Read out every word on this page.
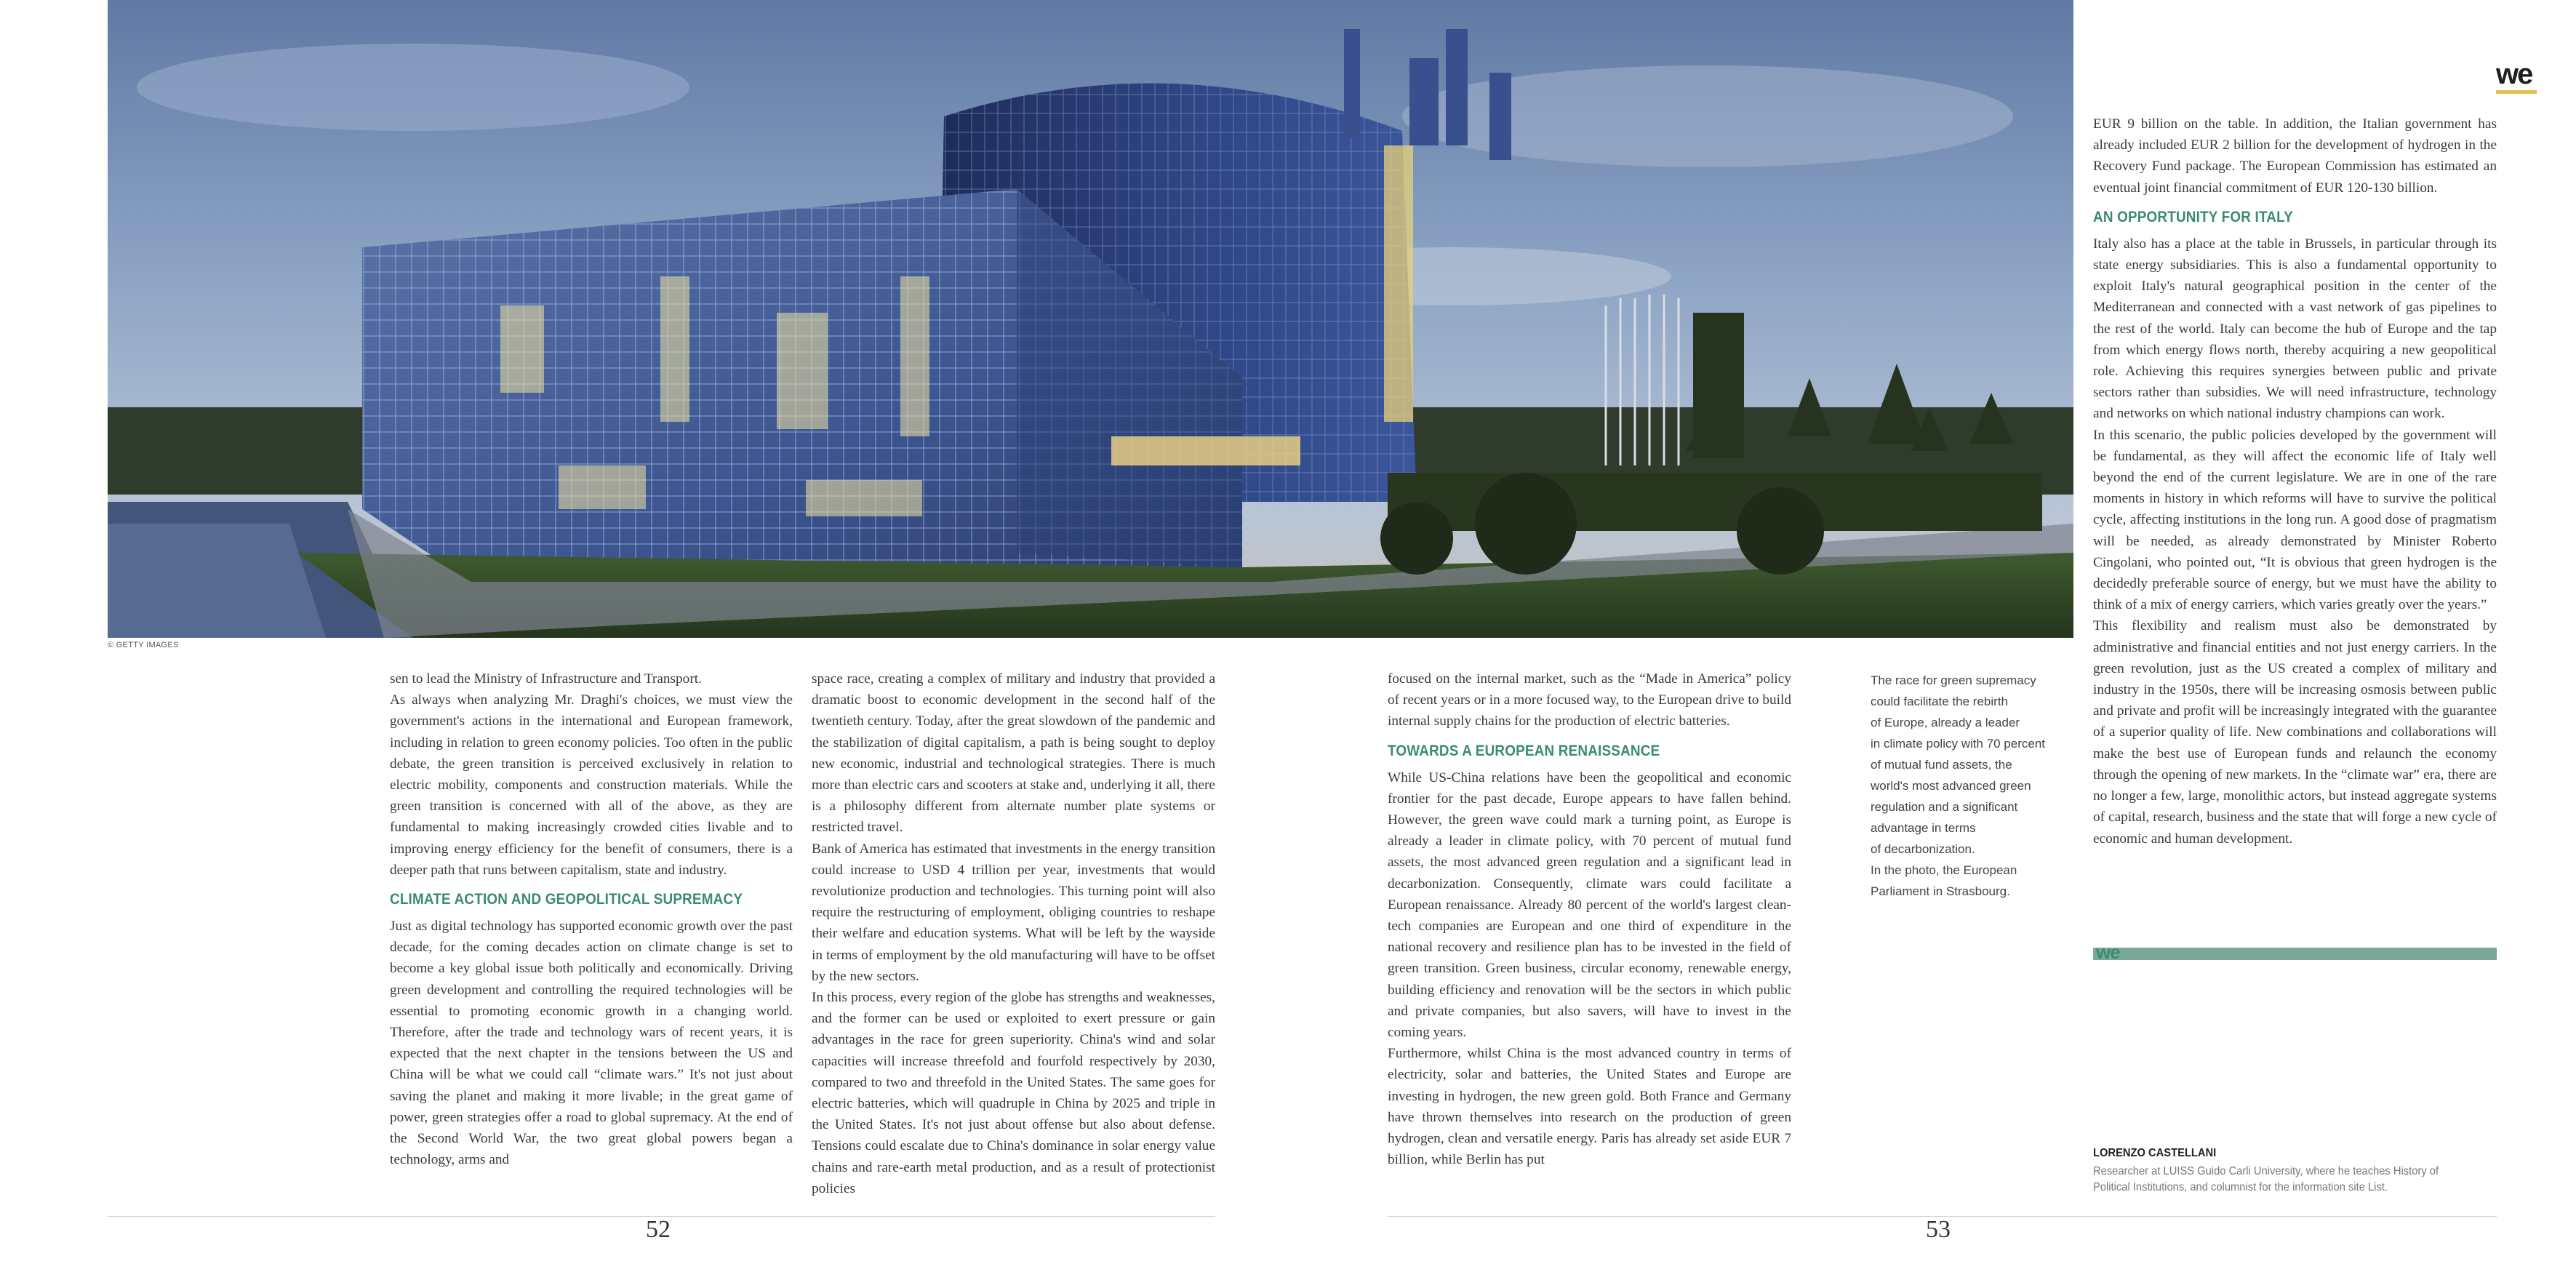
© GETTY IMAGES
we

sen to lead the Ministry of Infrastructure and Transport.

As always when analyzing Mr. Draghi's choices, we must view the government's actions in the international and European framework, including in relation to green economy policies. Too often in the public debate, the green transition is perceived exclusively in relation to electric mobility, components and construction materials. While the green transition is concerned with all of the above, as they are fundamental to making increasingly crowded cities livable and to improving energy efficiency for the benefit of consumers, there is a deeper path that runs between capitalism, state and industry.

CLIMATE ACTION AND GEOPOLITICAL SUPREMACY

Just as digital technology has supported economic growth over the past decade, for the coming decades action on climate change is set to become a key global issue both politically and economically. Driving green development and controlling the required technologies will be essential to promoting economic growth in a changing world. Therefore, after the trade and technology wars of recent years, it is expected that the next chapter in the tensions between the US and China will be what we could call “climate wars.” It's not just about saving the planet and making it more livable; in the great game of power, green strategies offer a road to global supremacy. At the end of the Second World War, the two great global powers began a technology, arms and

space race, creating a complex of military and industry that provided a dramatic boost to economic development in the second half of the twentieth century. Today, after the great slowdown of the pandemic and the stabilization of digital capitalism, a path is being sought to deploy new economic, industrial and technological strategies. There is much more than electric cars and scooters at stake and, underlying it all, there is a philosophy different from alternate number plate systems or restricted travel.

Bank of America has estimated that investments in the energy transition could increase to USD 4 trillion per year, investments that would revolutionize production and technologies. This turning point will also require the restructuring of employment, obliging countries to reshape their welfare and education systems. What will be left by the wayside in terms of employment by the old manufacturing will have to be offset by the new sectors.

In this process, every region of the globe has strengths and weaknesses, and the former can be used or exploited to exert pressure or gain advantages in the race for green superiority. China's wind and solar capacities will increase threefold and fourfold respectively by 2030, compared to two and threefold in the United States. The same goes for electric batteries, which will quadruple in China by 2025 and triple in the United States. It's not just about offense but also about defense. Tensions could escalate due to China's dominance in solar energy value chains and rare-earth metal production, and as a result of protectionist policies

focused on the internal market, such as the “Made in America” policy of recent years or in a more focused way, to the European drive to build internal supply chains for the production of electric batteries.

TOWARDS A EUROPEAN RENAISSANCE

While US-China relations have been the geopolitical and economic frontier for the past decade, Europe appears to have fallen behind. However, the green wave could mark a turning point, as Europe is already a leader in climate policy, with 70 percent of mutual fund assets, the most advanced green regulation and a significant lead in decarbonization. Consequently, climate wars could facilitate a European renaissance. Already 80 percent of the world's largest clean-tech companies are European and one third of expenditure in the national recovery and resilience plan has to be invested in the field of green transition. Green business, circular economy, renewable energy, building efficiency and renovation will be the sectors in which public and private companies, but also savers, will have to invest in the coming years.

Furthermore, whilst China is the most advanced country in terms of electricity, solar and batteries, the United States and Europe are investing in hydrogen, the new green gold. Both France and Germany have thrown themselves into research on the production of green hydrogen, clean and versatile energy. Paris has already set aside EUR 7 billion, while Berlin has put

The race for green supremacy

could facilitate the rebirth

of Europe, already a leader

in climate policy with 70 percent

of mutual fund assets, the

world's most advanced green

regulation and a significant

advantage in terms

of decarbonization.

In the photo, the European

Parliament in Strasbourg.

EUR 9 billion on the table. In addition, the Italian government has already included EUR 2 billion for the development of hydrogen in the Recovery Fund package. The European Commission has estimated an eventual joint financial commitment of EUR 120-130 billion.

AN OPPORTUNITY FOR ITALY

Italy also has a place at the table in Brussels, in particular through its state energy subsidiaries. This is also a fundamental opportunity to exploit Italy's natural geographical position in the center of the Mediterranean and connected with a vast network of gas pipelines to the rest of the world. Italy can become the hub of Europe and the tap from which energy flows north, thereby acquiring a new geopolitical role. Achieving this requires synergies between public and private sectors rather than subsidies. We will need infrastructure, technology and networks on which national industry champions can work.

In this scenario, the public policies developed by the government will be fundamental, as they will affect the economic life of Italy well beyond the end of the current legislature. We are in one of the rare moments in history in which reforms will have to survive the political cycle, affecting institutions in the long run. A good dose of pragmatism will be needed, as already demonstrated by Minister Roberto Cingolani, who pointed out, “It is obvious that green hydrogen is the decidedly preferable source of energy, but we must have the ability to think of a mix of energy carriers, which varies greatly over the years.”

This flexibility and realism must also be demonstrated by administrative and financial entities and not just energy carriers. In the green revolution, just as the US created a complex of military and industry in the 1950s, there will be increasing osmosis between public and private and profit will be increasingly integrated with the guarantee of a superior quality of life. New combinations and collaborations will make the best use of European funds and relaunch the economy through the opening of new markets. In the “climate war” era, there are no longer a few, large, monolithic actors, but instead aggregate systems of capital, research, business and the state that will forge a new cycle of economic and human development.

we
LORENZO CASTELLANI
Researcher at LUISS Guido Carli University, where he teaches History of Political Institutions, and columnist for the information site List.
52	53
